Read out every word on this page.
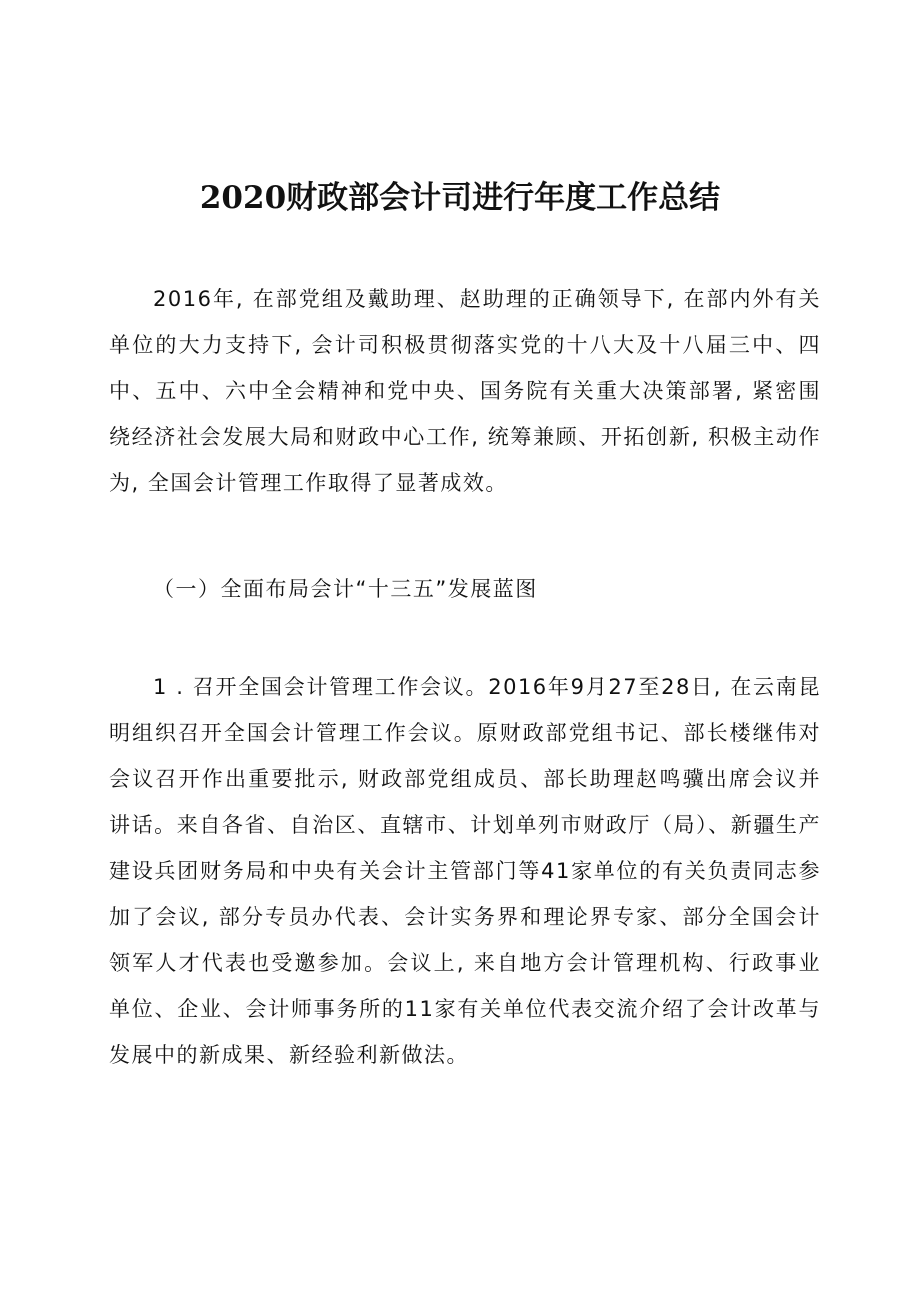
2020财政部会计司进行年度工作总结

2016年, 在部党组及戴助理、赵助理的正确领导下, 在部内外有关单位的大力支持下, 会计司积极贯彻落实党的十八大及十八届三中、四中、五中、六中全会精神和党中央、国务院有关重大决策部署, 紧密围绕经济社会发展大局和财政中心工作, 统筹兼顾、开拓创新, 积极主动作为, 全国会计管理工作取得了显著成效。

（一）全面布局会计“十三五”发展蓝图

1 . 召开全国会计管理工作会议。2016年9月27至28日, 在云南昆明组织召开全国会计管理工作会议。原财政部党组书记、部长楼继伟对会议召开作出重要批示, 财政部党组成员、部长助理赵鸣骥出席会议并讲话。来自各省、自治区、直辖市、计划单列市财政厅（局）、新疆生产建设兵团财务局和中央有关会计主管部门等41家单位的有关负责同志参加了会议, 部分专员办代表、会计实务界和理论界专家、部分全国会计领军人才代表也受邀参加。会议上, 来自地方会计管理机构、行政事业单位、企业、会计师事务所的11家有关单位代表交流介绍了会计改革与发展中的新成果、新经验利新做法。
